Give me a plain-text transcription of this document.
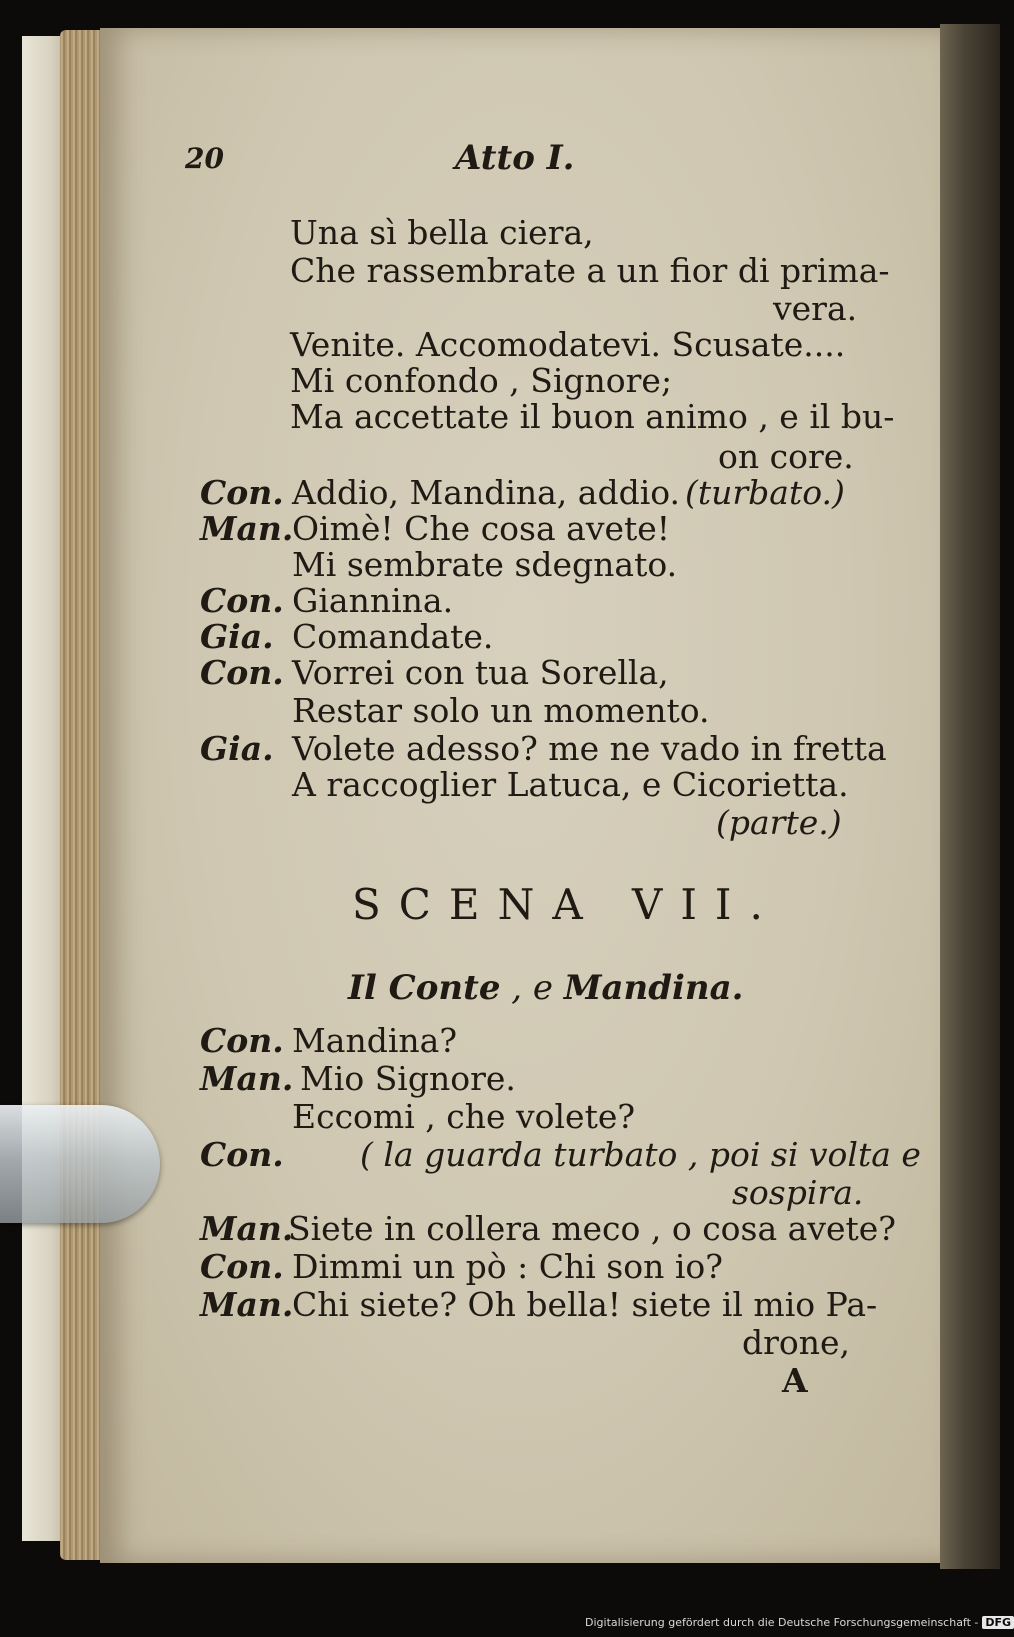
20	Atto I.
Una sì bella ciera,
Che rassembrate a un fior di prima-
vera.
Venite. Accomodatevi. Scusate....
Mi confondo , Signore;
Ma accettate il buon animo , e il bu-
on core.
Con. Addio, Mandina, addio. (turbato.)
Man.
Oimè! Che cosa avete!
Mi sembrate sdegnato.
Con. Giannina.
Gia. Comandate.
Con. Vorrei con tua Sorella,
Restar solo un momento.
Gia. Volete adesso? me ne vado in fretta
A raccoglier Latuca, e Cicorietta.
(parte.)
SCENA VII.
Il Conte , e Mandina.
Con. Mandina?
Man. Mio Signore.
Eccomi , che volete?
Con. ( la guarda turbato , poi si volta e
sospira.
Man.
Siete in collera meco , o cosa avete?
Con. Dimmi un pò : Chi son io?
Man.
Chi siete? Oh bella! siete il mio Pa-
drone,
A
Digitalisierung gefördert durch die Deutsche Forschungsgemeinschaft - DFG
